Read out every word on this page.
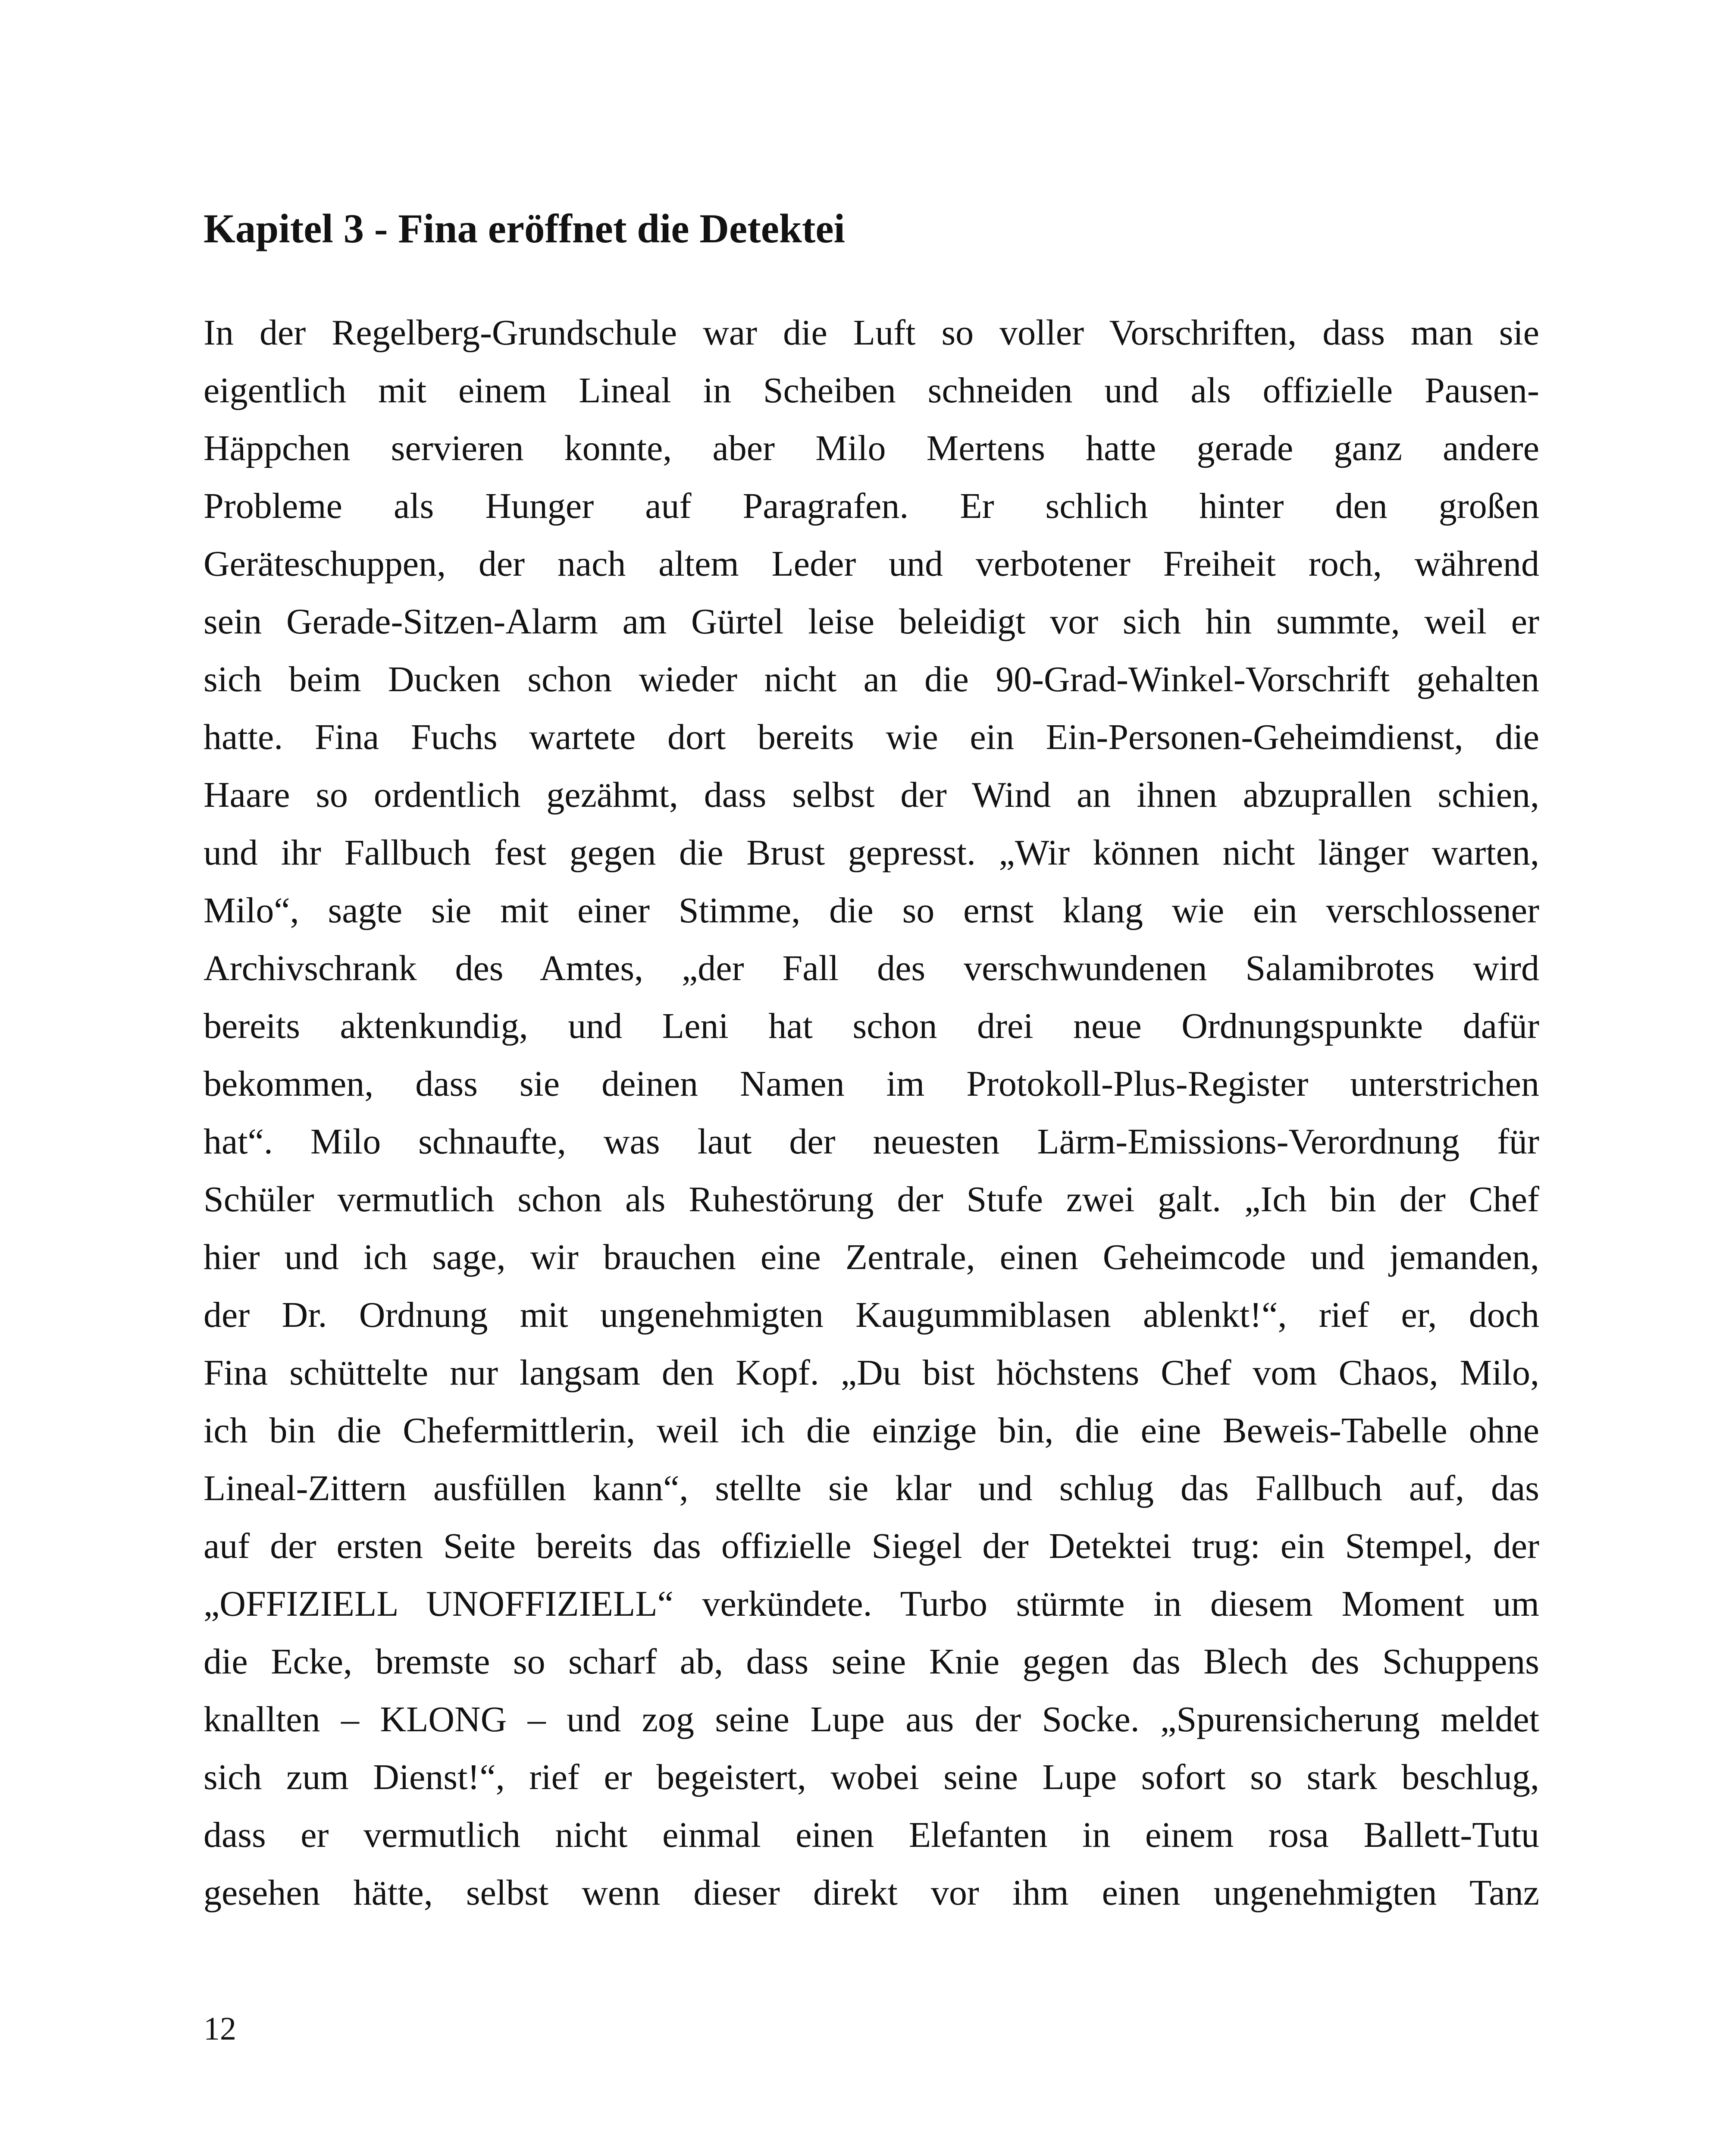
Kapitel 3 - Fina eröffnet die Detektei
In der Regelberg-Grundschule war die Luft so voller Vorschriften, dass man sie
eigentlich mit einem Lineal in Scheiben schneiden und als offizielle Pausen-
Häppchen servieren konnte, aber Milo Mertens hatte gerade ganz andere
Probleme als Hunger auf Paragrafen. Er schlich hinter den großen
Geräteschuppen, der nach altem Leder und verbotener Freiheit roch, während
sein Gerade-Sitzen-Alarm am Gürtel leise beleidigt vor sich hin summte, weil er
sich beim Ducken schon wieder nicht an die 90-Grad-Winkel-Vorschrift gehalten
hatte. Fina Fuchs wartete dort bereits wie ein Ein-Personen-Geheimdienst, die
Haare so ordentlich gezähmt, dass selbst der Wind an ihnen abzuprallen schien,
und ihr Fallbuch fest gegen die Brust gepresst. „Wir können nicht länger warten,
Milo“, sagte sie mit einer Stimme, die so ernst klang wie ein verschlossener
Archivschrank des Amtes, „der Fall des verschwundenen Salamibrotes wird
bereits aktenkundig, und Leni hat schon drei neue Ordnungspunkte dafür
bekommen, dass sie deinen Namen im Protokoll-Plus-Register unterstrichen
hat“. Milo schnaufte, was laut der neuesten Lärm-Emissions-Verordnung für
Schüler vermutlich schon als Ruhestörung der Stufe zwei galt. „Ich bin der Chef
hier und ich sage, wir brauchen eine Zentrale, einen Geheimcode und jemanden,
der Dr. Ordnung mit ungenehmigten Kaugummiblasen ablenkt!“, rief er, doch
Fina schüttelte nur langsam den Kopf. „Du bist höchstens Chef vom Chaos, Milo,
ich bin die Chefermittlerin, weil ich die einzige bin, die eine Beweis-Tabelle ohne
Lineal-Zittern ausfüllen kann“, stellte sie klar und schlug das Fallbuch auf, das
auf der ersten Seite bereits das offizielle Siegel der Detektei trug: ein Stempel, der
„OFFIZIELL UNOFFIZIELL“ verkündete. Turbo stürmte in diesem Moment um
die Ecke, bremste so scharf ab, dass seine Knie gegen das Blech des Schuppens
knallten – KLONG – und zog seine Lupe aus der Socke. „Spurensicherung meldet
sich zum Dienst!“, rief er begeistert, wobei seine Lupe sofort so stark beschlug,
dass er vermutlich nicht einmal einen Elefanten in einem rosa Ballett-Tutu
gesehen hätte, selbst wenn dieser direkt vor ihm einen ungenehmigten Tanz
12
